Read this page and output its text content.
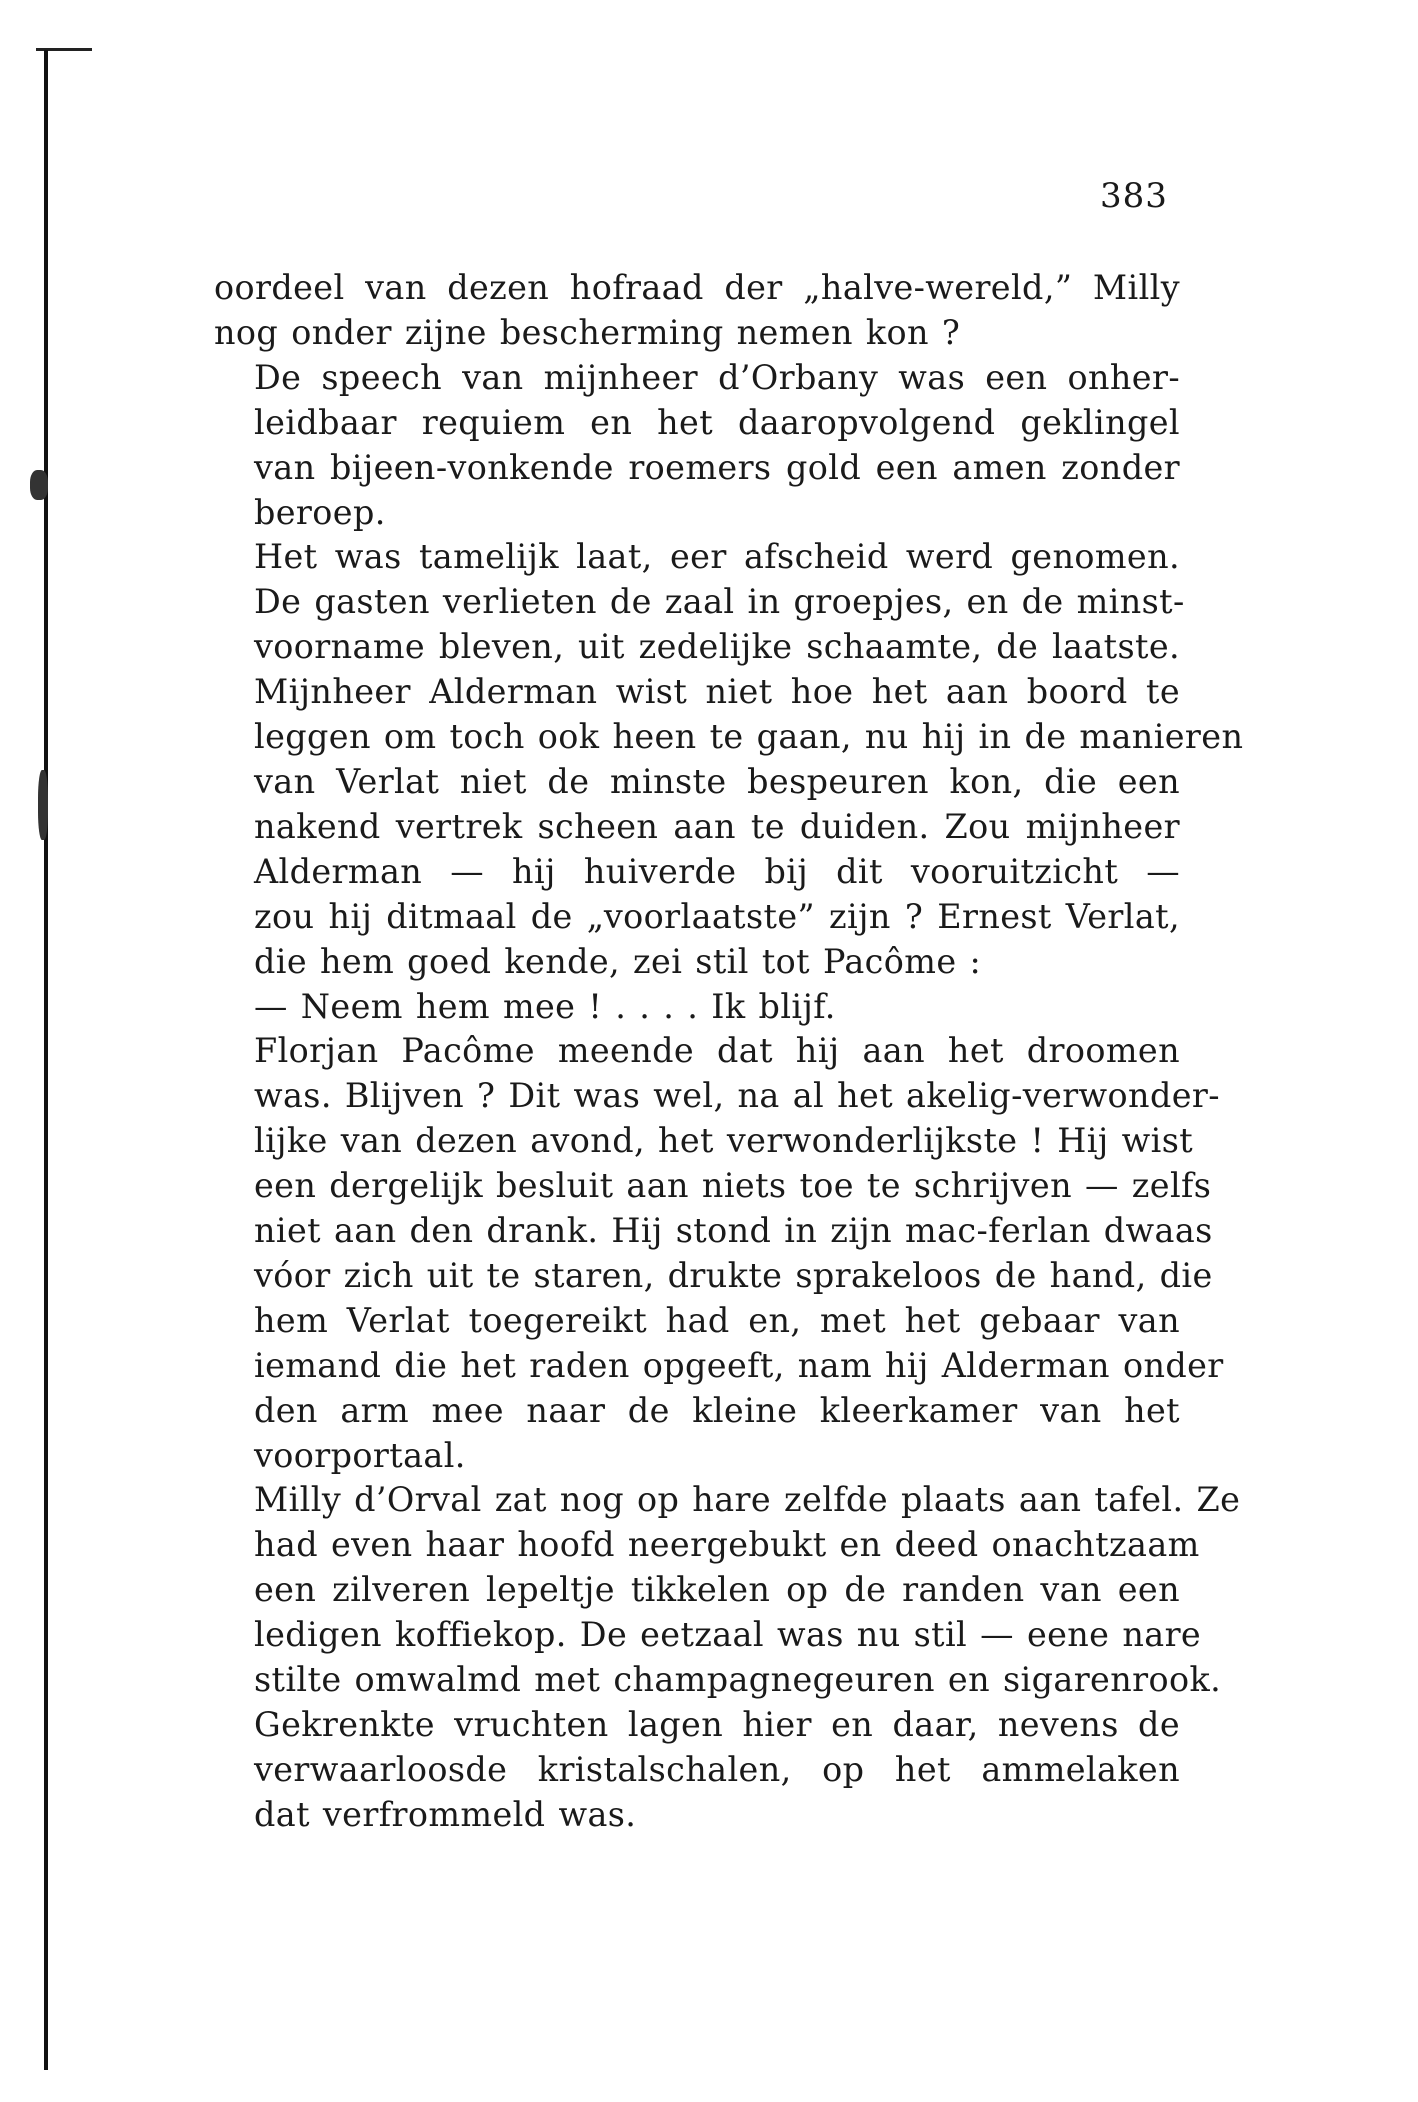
383

oordeel van dezen hofraad der „halve-wereld,” Milly
nog onder zijne bescherming nemen kon ?

De speech van mijnheer d’Orbany was een onher-
leidbaar requiem en het daaropvolgend geklingel
van bijeen-vonkende roemers gold een amen zonder
beroep.

Het was tamelijk laat, eer afscheid werd genomen.
De gasten verlieten de zaal in groepjes, en de minst-
voorname bleven, uit zedelijke schaamte, de laatste.
Mijnheer Alderman wist niet hoe het aan boord te
leggen om toch ook heen te gaan, nu hij in de manieren
van Verlat niet de minste bespeuren kon, die een
nakend vertrek scheen aan te duiden. Zou mijnheer
Alderman — hij huiverde bij dit vooruitzicht —
zou hij ditmaal de „voorlaatste” zijn ? Ernest Verlat,
die hem goed kende, zei stil tot Pacôme :

— Neem hem mee ! . . . . Ik blijf.

Florjan Pacôme meende dat hij aan het droomen
was. Blijven ? Dit was wel, na al het akelig-verwonder-
lijke van dezen avond, het verwonderlijkste ! Hij wist
een dergelijk besluit aan niets toe te schrijven — zelfs
niet aan den drank. Hij stond in zijn mac-ferlan dwaas
vóor zich uit te staren, drukte sprakeloos de hand, die
hem Verlat toegereikt had en, met het gebaar van
iemand die het raden opgeeft, nam hij Alderman onder
den arm mee naar de kleine kleerkamer van het
voorportaal.

Milly d’Orval zat nog op hare zelfde plaats aan tafel. Ze
had even haar hoofd neergebukt en deed onachtzaam
een zilveren lepeltje tikkelen op de randen van een
ledigen koffiekop. De eetzaal was nu stil — eene nare
stilte omwalmd met champagnegeuren en sigarenrook.
Gekrenkte vruchten lagen hier en daar, nevens de
verwaarloosde kristalschalen, op het ammelaken
dat verfrommeld was.
